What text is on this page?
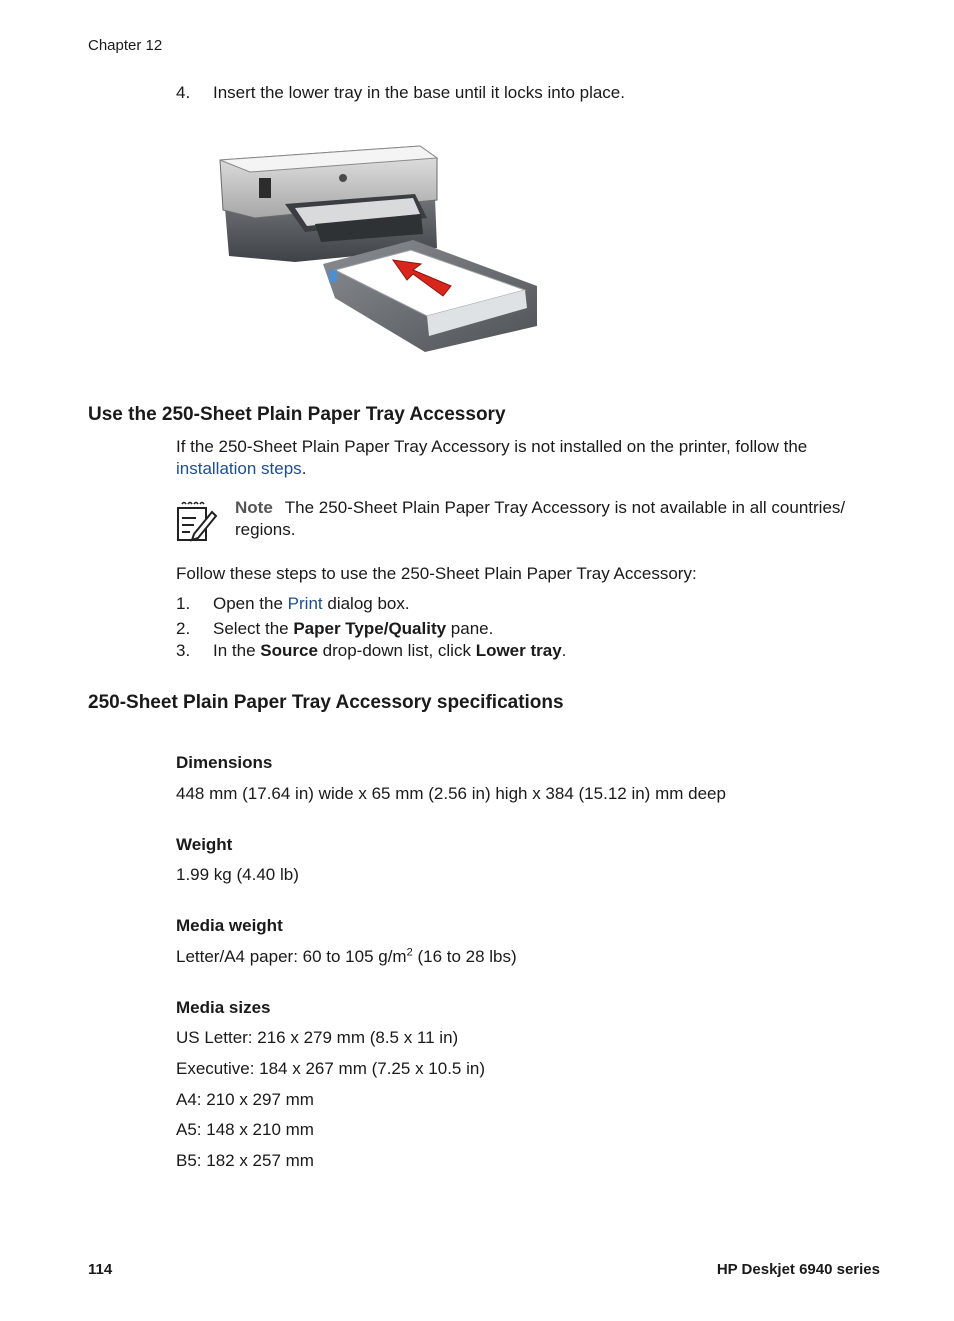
Chapter 12
4. Insert the lower tray in the base until it locks into place.
Use the 250-Sheet Plain Paper Tray Accessory
If the 250-Sheet Plain Paper Tray Accessory is not installed on the printer, follow the
installation steps.
Note The 250-Sheet Plain Paper Tray Accessory is not available in all countries/
regions.
Follow these steps to use the 250-Sheet Plain Paper Tray Accessory:
1. Open the Print dialog box.
2. Select the Paper Type/Quality pane.
3. In the Source drop-down list, click Lower tray.
250-Sheet Plain Paper Tray Accessory specifications
Dimensions
448 mm (17.64 in) wide x 65 mm (2.56 in) high x 384 (15.12 in) mm deep
Weight
1.99 kg (4.40 lb)
Media weight
Letter/A4 paper: 60 to 105 $g/m^2$ (16 to 28 lbs)
Media sizes
US Letter: 216 x 279 mm (8.5 x 11 in)
Executive: 184 x 267 mm (7.25 x 10.5 in)
A4: 210 x 297 mm
A5: 148 x 210 mm
B5: 182 x 257 mm
114	HP Deskjet 6940 series
